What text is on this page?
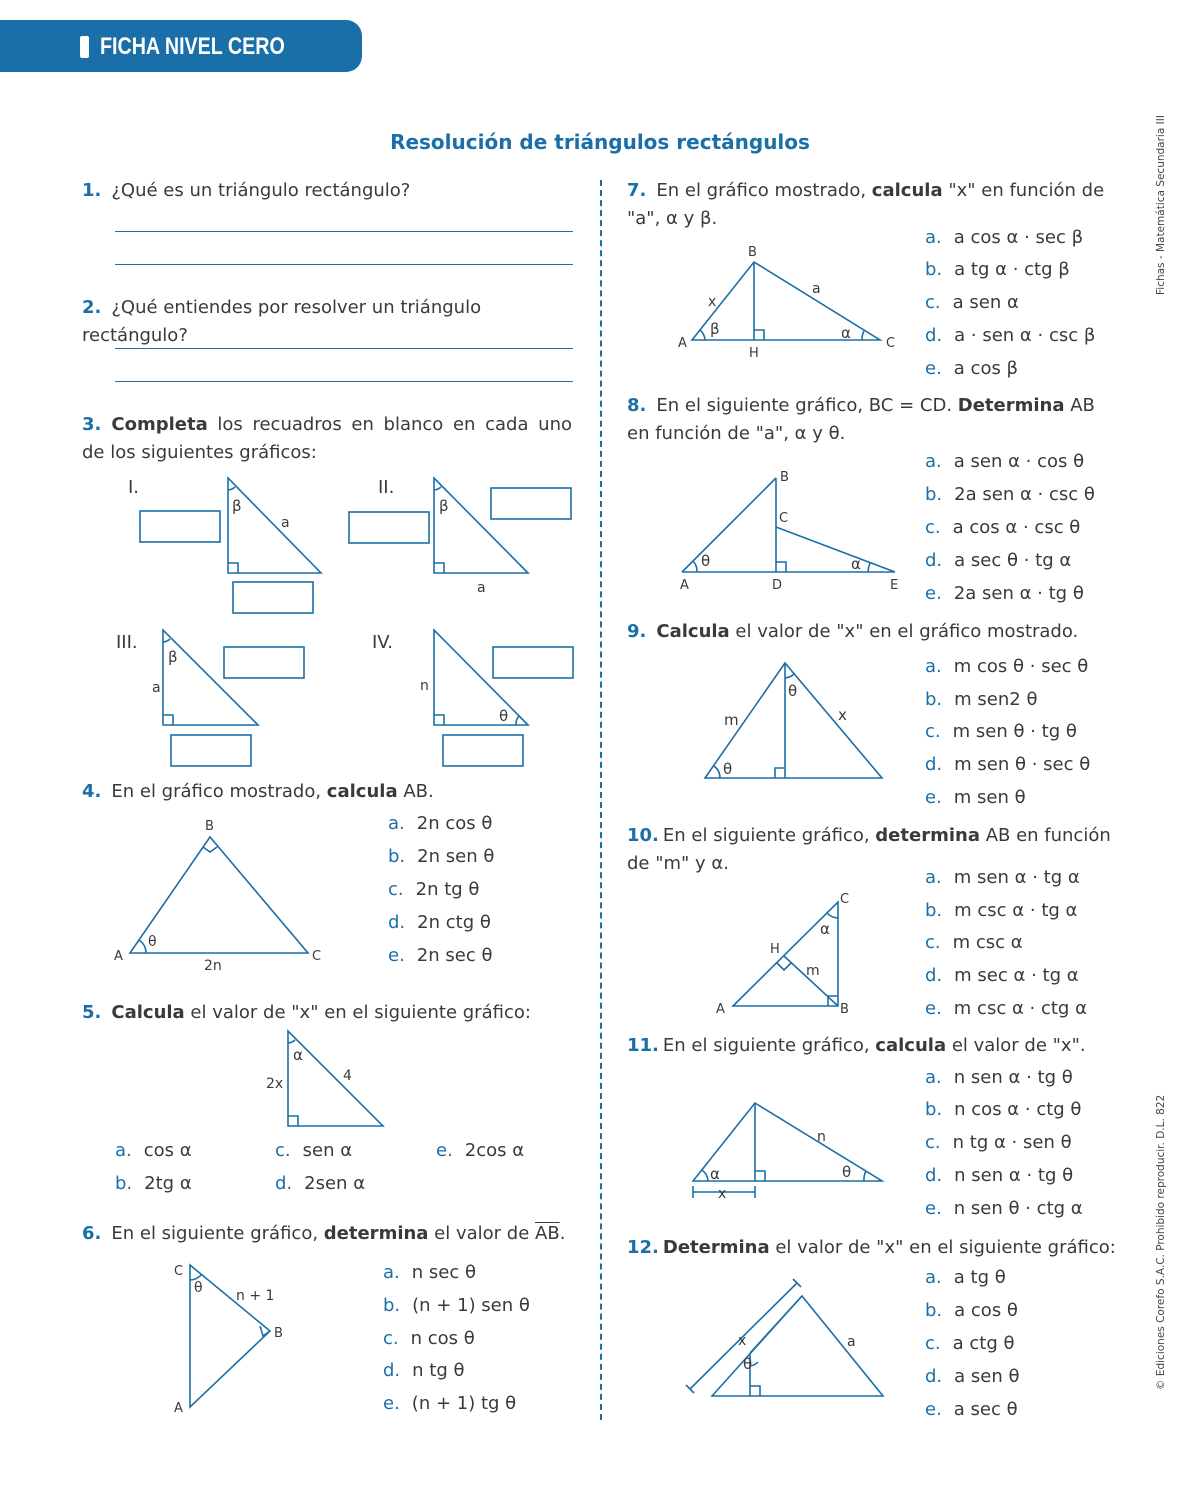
FICHA NIVEL CERO
Resolución de triángulos rectángulos	Fichas - Matemática Secundaria III
© Ediciones Corefo S.A.C. Prohibido reproducir. D.L. 822
1. ¿Qué es un triángulo rectángulo?
2. ¿Qué entiendes por resolver un triángulo rectángulo?
3. Completa los recuadros en blanco en cada uno de los siguientes gráficos:
4. En el gráfico mostrado, calcula AB.
a. 2n cos θ
b. 2n sen θ
c. 2n tg θ
d. 2n ctg θ
e. 2n sec θ
5. Calcula el valor de "x" en el siguiente gráfico:
a. cos α
b. 2tg α
c. sen α
d. 2sen α
e. 2cos α
6. En el siguiente gráfico, determina el valor de $\overline{AB}$.
a. n sec θ
b. (n + 1) sen θ
c. n cos θ
d. n tg θ
e. (n + 1) tg θ
7. En el gráfico mostrado, calcula "x" en función de "a", α y β.
a. a cos α · sec β
b. a tg α · ctg β
c. a sen α
d. a · sen α · csc β
e. a cos β
8. En el siguiente gráfico, BC = CD. Determina AB en función de "a", α y θ.
a. a sen α · cos θ
b. 2a sen α · csc θ
c. a cos α · csc θ
d. a sec θ · tg α
e. 2a sen α · tg θ
9. Calcula el valor de "x" en el gráfico mostrado.
a. m cos θ · sec θ
b. m sen2 θ
c. m sen θ · tg θ
d. m sen θ · sec θ
e. m sen θ
10. En el siguiente gráfico, determina AB en función de "m" y α.
a. m sen α · tg α
b. m csc α · tg α
c. m csc α
d. m sec α · tg α
e. m csc α · ctg α
11. En el siguiente gráfico, calcula el valor de "x".
a. n sen α · tg θ
b. n cos α · ctg θ
c. n tg α · sen θ
d. n sen α · tg θ
e. n sen θ · ctg α
12. Determina el valor de "x" en el siguiente gráfico:
a. a tg θ
b. a cos θ
c. a ctg θ
d. a sen θ
e. a sec θ
I.	II.
III.	IV.
β
a
β
a
β
a
θ
n
θ
A
B
C
2n
α
2x	4
θ
C
B
A
n + 1
β	α
A
B
C
H
x
a
θ	α
A
B
C
D	E
θ
θ
m	x
α
m
A	B
C
H
α	θ
n
x
θ
x	a
